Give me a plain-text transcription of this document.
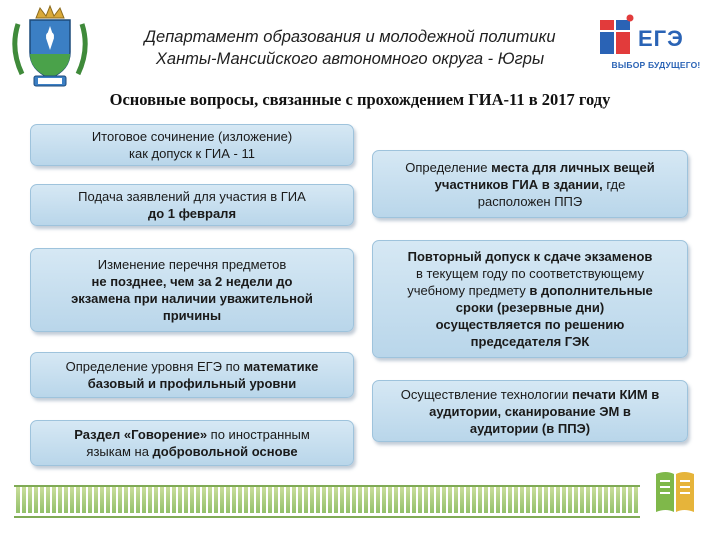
Департамент образования и молодежной политики
Ханты-Мансийского автономного округа - Югры
ЕГЭ
ВЫБОР БУДУЩЕГО!
Основные вопросы, связанные с прохождением ГИА-11 в 2017 году
Итоговое сочинение (изложение)
как допуск к ГИА - 11
Подача заявлений для участия в ГИА
до 1 февраля
Изменение перечня предметов
не позднее, чем за 2 недели до
экзамена при наличии уважительной
причины
Определение уровня ЕГЭ по математике
базовый и профильный уровни
Раздел «Говорение» по иностранным
языкам на добровольной основе
Определение места для личных вещей
участников ГИА в здании, где
расположен ППЭ
Повторный допуск к сдаче экзаменов
в текущем году по соответствующему
учебному предмету в дополнительные
сроки (резервные дни)
осуществляется по решению
председателя ГЭК
Осуществление технологии печати КИМ в
аудитории, сканирование ЭМ в
аудитории (в ППЭ)
